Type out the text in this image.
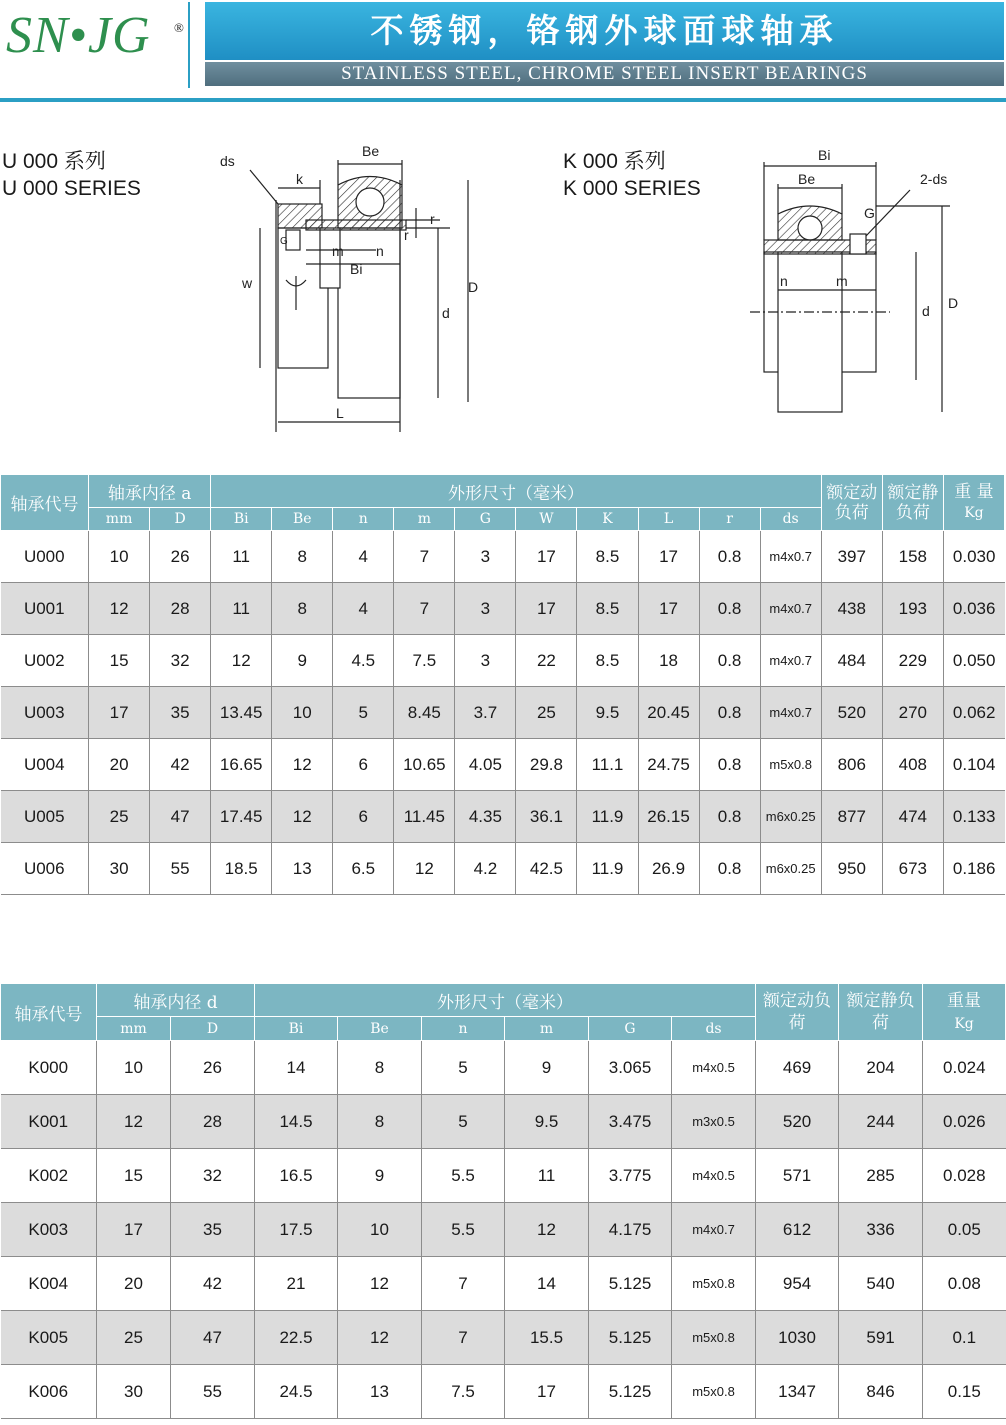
SN•JG ®	不锈钢，铬钢外球面球轴承
STAINLESS STEEL, CHROME STEEL INSERT BEARINGS
U 000 系列
U 000 SERIES
K 000 系列
K 000 SERIES
ds
k
Be
G
m n
Bi
r
r
w	D
d
L
Bi
Be	2-ds
G
n	m
d D
轴承代号	轴承内径 a		外形尺寸（毫米）										额定动负荷	额定静负荷	重 量
Kg
	mm	D	Bi	Be	n	m	G	W	K	L	r	ds			
U000	10	26	11	8	4	7	3	17	8.5	17	0.8	m4x0.7	397	158	0.030
U001	12	28	11	8	4	7	3	17	8.5	17	0.8	m4x0.7	438	193	0.036
U002	15	32	12	9	4.5	7.5	3	22	8.5	18	0.8	m4x0.7	484	229	0.050
U003	17	35	13.45	10	5	8.45	3.7	25	9.5	20.45	0.8	m4x0.7	520	270	0.062
U004	20	42	16.65	12	6	10.65	4.05	29.8	11.1	24.75	0.8	m5x0.8	806	408	0.104
U005	25	47	17.45	12	6	11.45	4.35	36.1	11.9	26.15	0.8	m6x0.25	877	474	0.133
U006	30	55	18.5	13	6.5	12	4.2	42.5	11.9	26.9	0.8	m6x0.25	950	673	0.186
轴承代号	轴承内径 d		外形尺寸（毫米）						额定动负荷	额定静负荷	重量
Kg
	mm	D	Bi	Be	n	m	G	ds			
K000	10	26	14	8	5	9	3.065	m4x0.5	469	204	0.024
K001	12	28	14.5	8	5	9.5	3.475	m3x0.5	520	244	0.026
K002	15	32	16.5	9	5.5	11	3.775	m4x0.5	571	285	0.028
K003	17	35	17.5	10	5.5	12	4.175	m4x0.7	612	336	0.05
K004	20	42	21	12	7	14	5.125	m5x0.8	954	540	0.08
K005	25	47	22.5	12	7	15.5	5.125	m5x0.8	1030	591	0.1
K006	30	55	24.5	13	7.5	17	5.125	m5x0.8	1347	846	0.15
